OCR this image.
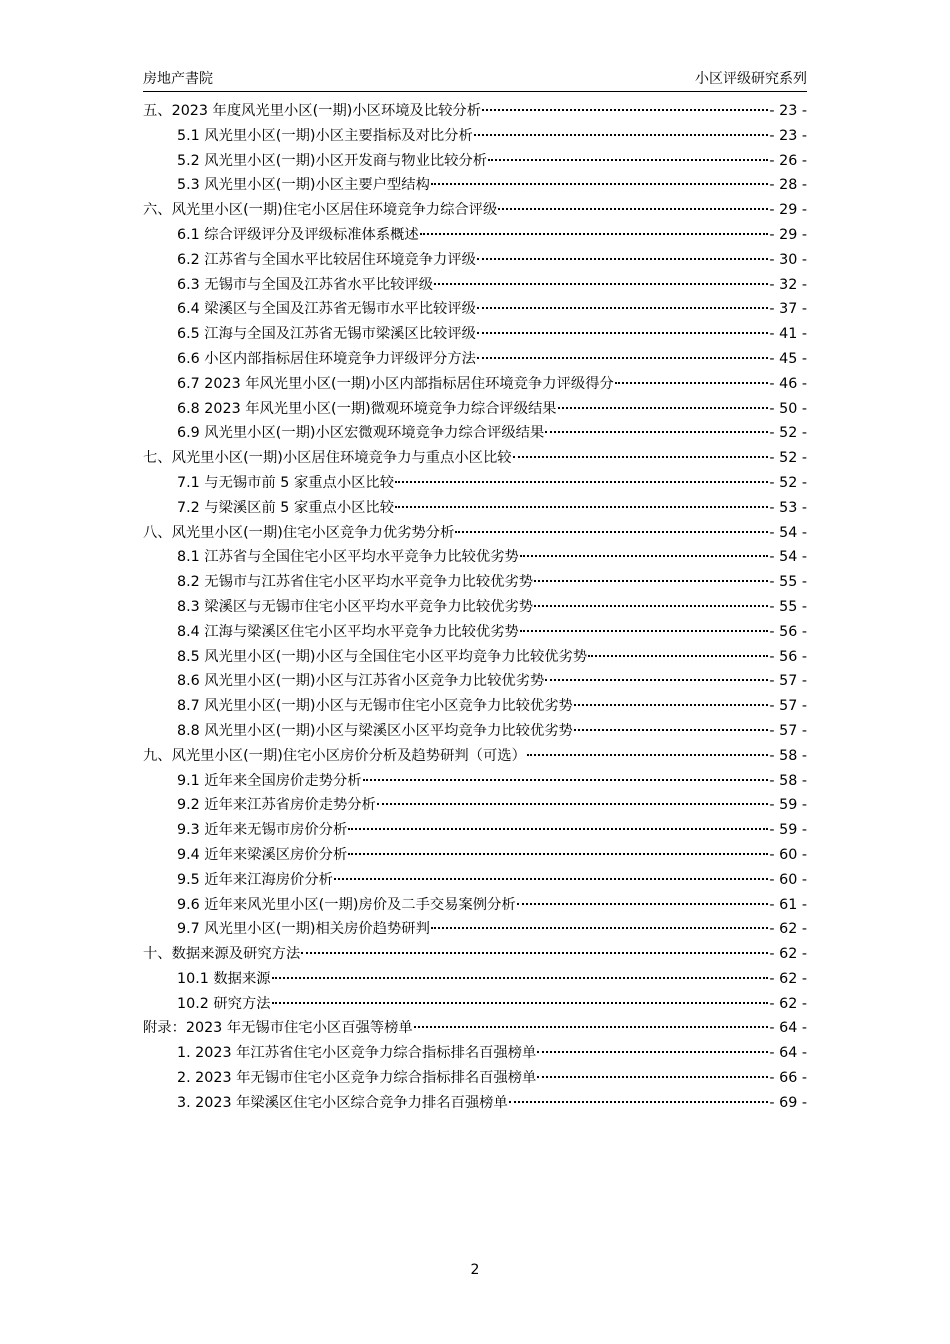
房地产書院	小区评级研究系列
五、2023 年度风光里小区(一期)小区环境及比较分析	- 23 -
5.1 风光里小区(一期)小区主要指标及对比分析	- 23 -
5.2 风光里小区(一期)小区开发商与物业比较分析	- 26 -
5.3 风光里小区(一期)小区主要户型结构	- 28 -
六、风光里小区(一期)住宅小区居住环境竞争力综合评级	- 29 -
6.1 综合评级评分及评级标准体系概述	- 29 -
6.2 江苏省与全国水平比较居住环境竞争力评级	- 30 -
6.3 无锡市与全国及江苏省水平比较评级	- 32 -
6.4 梁溪区与全国及江苏省无锡市水平比较评级	- 37 -
6.5 江海与全国及江苏省无锡市梁溪区比较评级	- 41 -
6.6 小区内部指标居住环境竞争力评级评分方法	- 45 -
6.7 2023 年风光里小区(一期)小区内部指标居住环境竞争力评级得分	- 46 -
6.8 2023 年风光里小区(一期)微观环境竞争力综合评级结果	- 50 -
6.9 风光里小区(一期)小区宏微观环境竞争力综合评级结果	- 52 -
七、风光里小区(一期)小区居住环境竞争力与重点小区比较	- 52 -
7.1 与无锡市前 5 家重点小区比较	- 52 -
7.2 与梁溪区前 5 家重点小区比较	- 53 -
八、风光里小区(一期)住宅小区竞争力优劣势分析	- 54 -
8.1 江苏省与全国住宅小区平均水平竞争力比较优劣势	- 54 -
8.2 无锡市与江苏省住宅小区平均水平竞争力比较优劣势	- 55 -
8.3 梁溪区与无锡市住宅小区平均水平竞争力比较优劣势	- 55 -
8.4 江海与梁溪区住宅小区平均水平竞争力比较优劣势	- 56 -
8.5 风光里小区(一期)小区与全国住宅小区平均竞争力比较优劣势	- 56 -
8.6 风光里小区(一期)小区与江苏省小区竞争力比较优劣势	- 57 -
8.7 风光里小区(一期)小区与无锡市住宅小区竞争力比较优劣势	- 57 -
8.8 风光里小区(一期)小区与梁溪区小区平均竞争力比较优劣势	- 57 -
九、风光里小区(一期)住宅小区房价分析及趋势研判（可选）	- 58 -
9.1 近年来全国房价走势分析	- 58 -
9.2 近年来江苏省房价走势分析	- 59 -
9.3 近年来无锡市房价分析	- 59 -
9.4 近年来梁溪区房价分析	- 60 -
9.5 近年来江海房价分析	- 60 -
9.6 近年来风光里小区(一期)房价及二手交易案例分析	- 61 -
9.7 风光里小区(一期)相关房价趋势研判	- 62 -
十、数据来源及研究方法	- 62 -
10.1 数据来源	- 62 -
10.2 研究方法	- 62 -
附录：2023 年无锡市住宅小区百强等榜单	- 64 -
1. 2023 年江苏省住宅小区竞争力综合指标排名百强榜单	- 64 -
2. 2023 年无锡市住宅小区竞争力综合指标排名百强榜单	- 66 -
3. 2023 年梁溪区住宅小区综合竞争力排名百强榜单	- 69 -
2
